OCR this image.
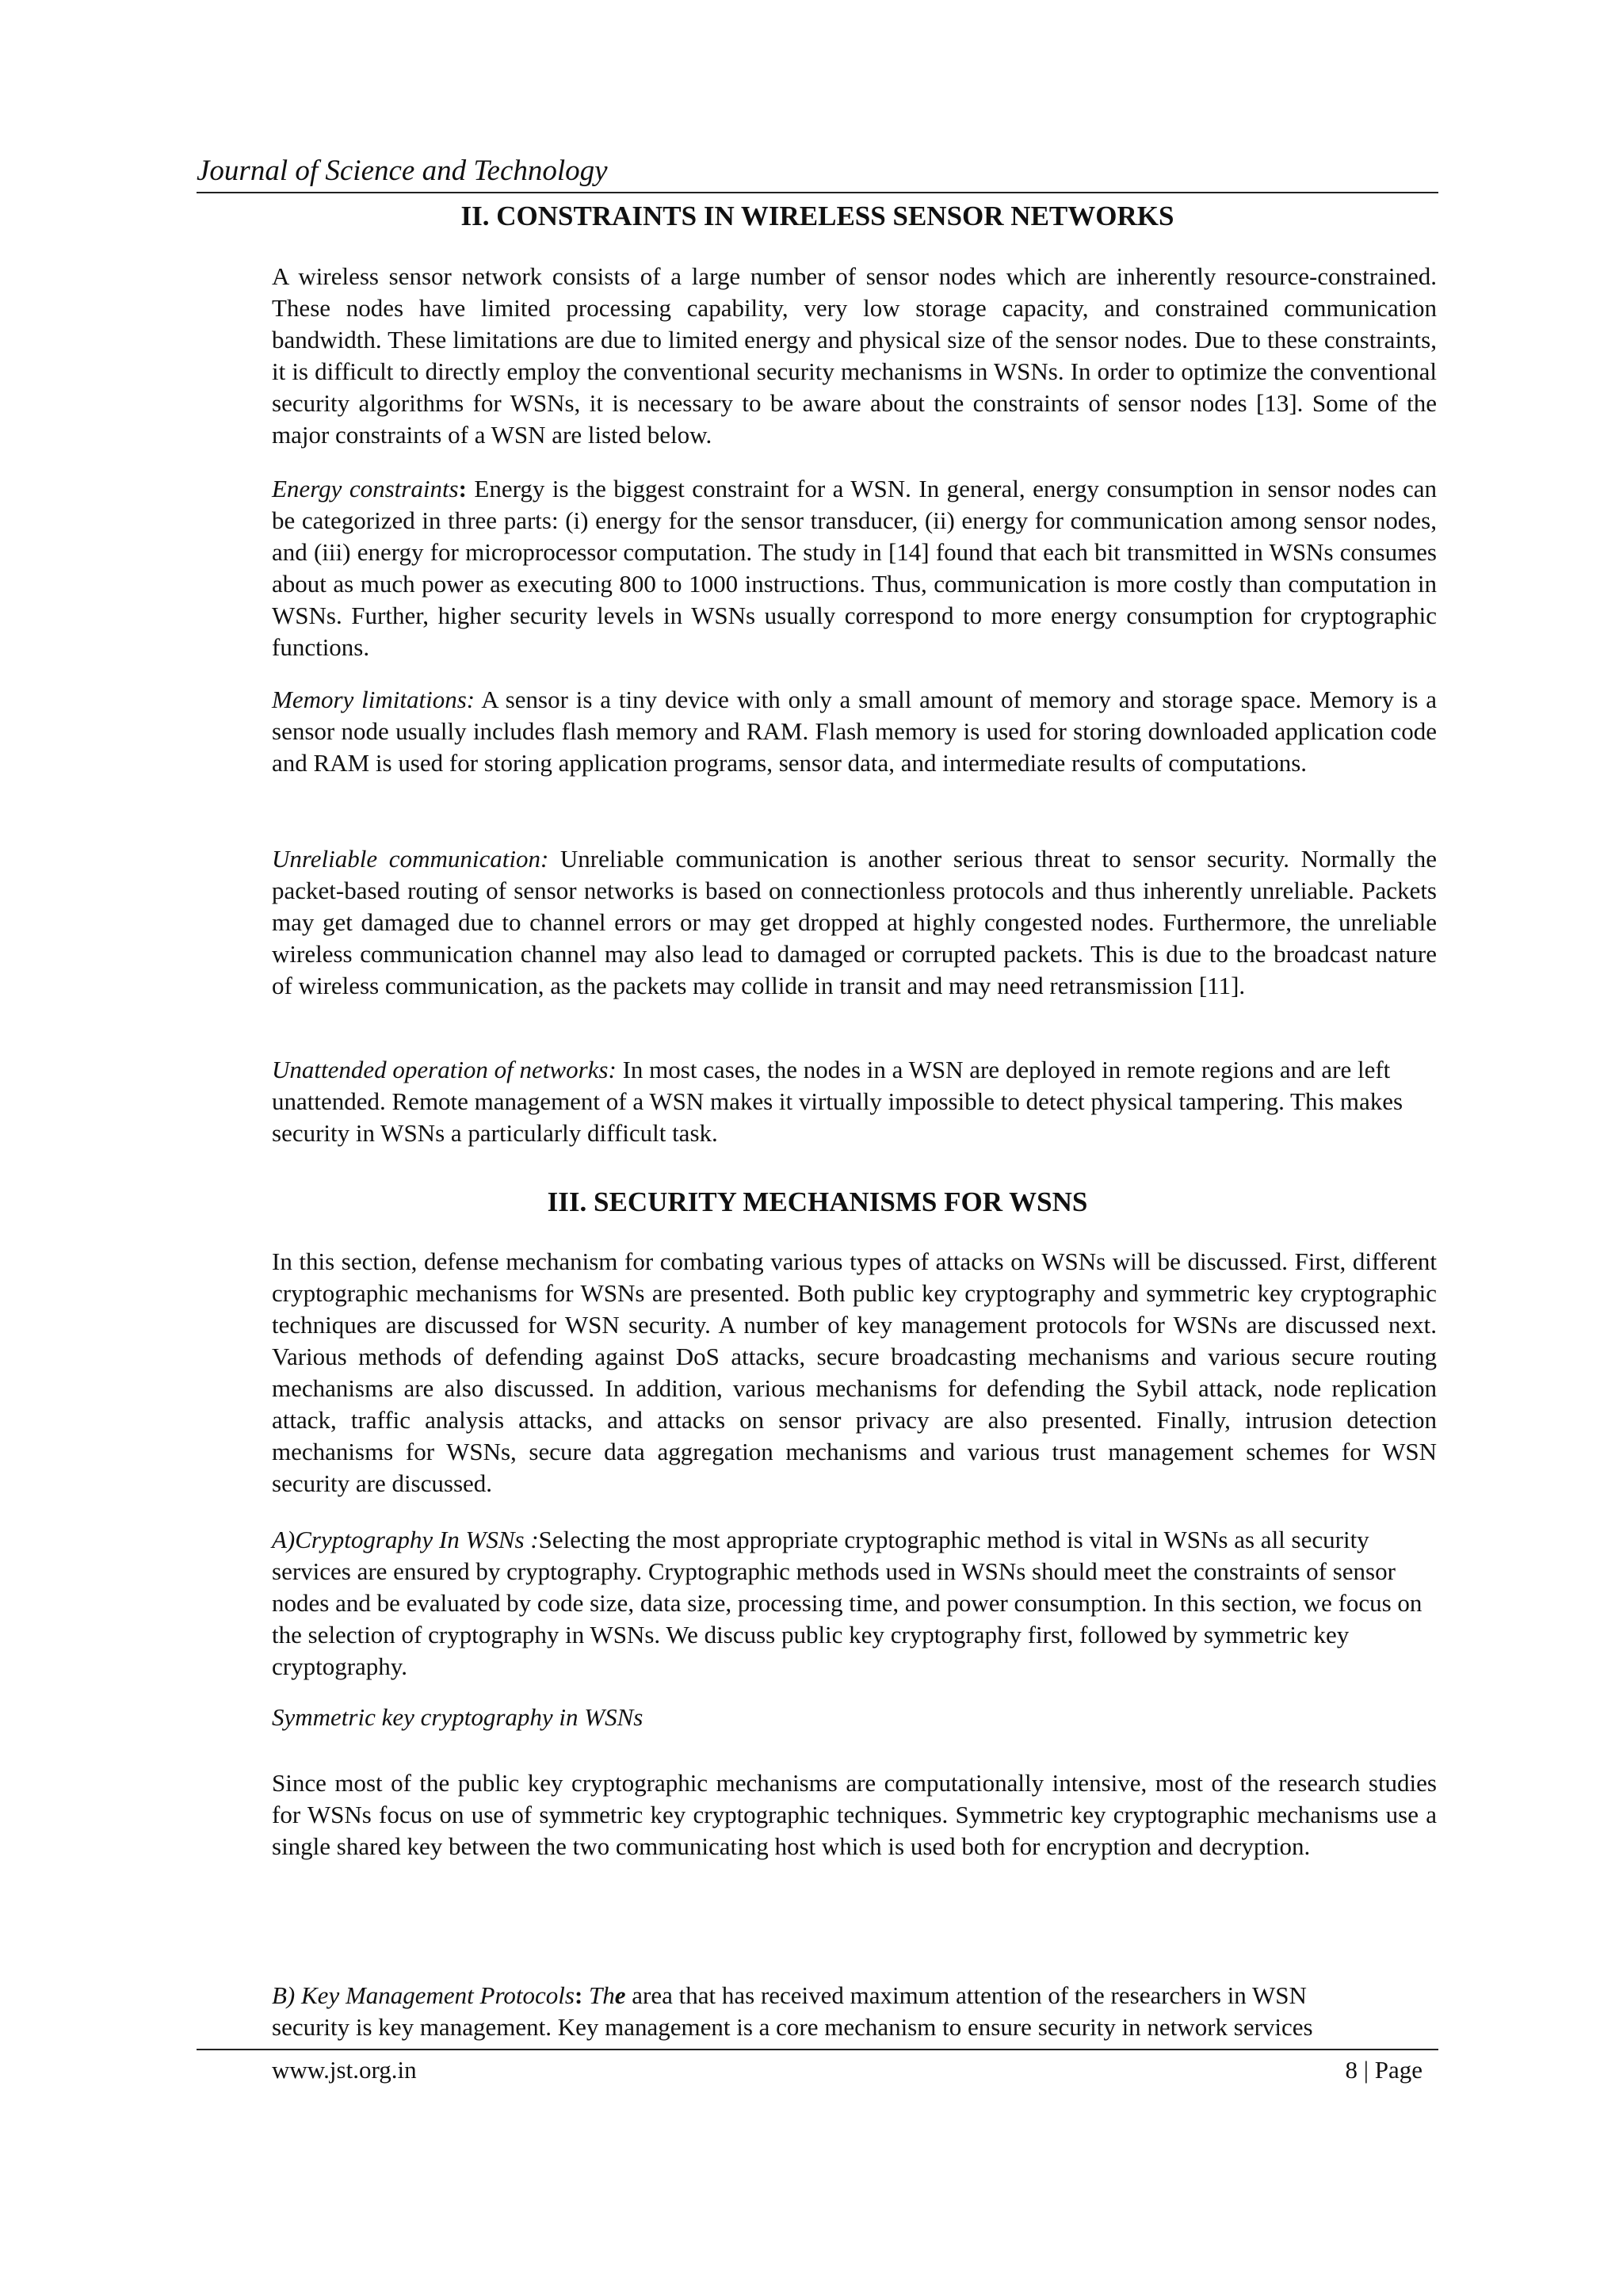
Journal of Science and Technology
II. CONSTRAINTS IN WIRELESS SENSOR NETWORKS

A wireless sensor network consists of a large number of sensor nodes which are inherently resource-constrained. These nodes have limited processing capability, very low storage capacity, and constrained communication bandwidth. These limitations are due to limited energy and physical size of the sensor nodes. Due to these constraints, it is difficult to directly employ the conventional security mechanisms in WSNs. In order to optimize the conventional security algorithms for WSNs, it is necessary to be aware about the constraints of sensor nodes [13]. Some of the major constraints of a WSN are listed below.

Energy constraints: Energy is the biggest constraint for a WSN. In general, energy consumption in sensor nodes can be categorized in three parts: (i) energy for the sensor transducer, (ii) energy for communication among sensor nodes, and (iii) energy for microprocessor computation. The study in [14] found that each bit transmitted in WSNs consumes about as much power as executing 800 to 1000 instructions. Thus, communication is more costly than computation in WSNs. Further, higher security levels in WSNs usually correspond to more energy consumption for cryptographic functions.

Memory limitations: A sensor is a tiny device with only a small amount of memory and storage space. Memory is a sensor node usually includes flash memory and RAM. Flash memory is used for storing downloaded application code and RAM is used for storing application programs, sensor data, and intermediate results of computations.

Unreliable communication: Unreliable communication is another serious threat to sensor security. Normally the packet-based routing of sensor networks is based on connectionless protocols and thus inherently unreliable. Packets may get damaged due to channel errors or may get dropped at highly congested nodes. Furthermore, the unreliable wireless communication channel may also lead to damaged or corrupted packets. This is due to the broadcast nature of wireless communication, as the packets may collide in transit and may need retransmission [11].

Unattended operation of networks: In most cases, the nodes in a WSN are deployed in remote regions and are left unattended. Remote management of a WSN makes it virtually impossible to detect physical tampering. This makes security in WSNs a particularly difficult task.

III. SECURITY MECHANISMS FOR WSNS

In this section, defense mechanism for combating various types of attacks on WSNs will be discussed. First, different cryptographic mechanisms for WSNs are presented. Both public key cryptography and symmetric key cryptographic techniques are discussed for WSN security. A number of key management protocols for WSNs are discussed next. Various methods of defending against DoS attacks, secure broadcasting mechanisms and various secure routing mechanisms are also discussed. In addition, various mechanisms for defending the Sybil attack, node replication attack, traffic analysis attacks, and attacks on sensor privacy are also presented. Finally, intrusion detection mechanisms for WSNs, secure data aggregation mechanisms and various trust management schemes for WSN security are discussed.

A)Cryptography In WSNs :Selecting the most appropriate cryptographic method is vital in WSNs as all security services are ensured by cryptography. Cryptographic methods used in WSNs should meet the constraints of sensor nodes and be evaluated by code size, data size, processing time, and power consumption. In this section, we focus on the selection of cryptography in WSNs. We discuss public key cryptography first, followed by symmetric key cryptography.

Symmetric key cryptography in WSNs

Since most of the public key cryptographic mechanisms are computationally intensive, most of the research studies for WSNs focus on use of symmetric key cryptographic techniques. Symmetric key cryptographic mechanisms use a single shared key between the two communicating host which is used both for encryption and decryption.

B) Key Management Protocols: The area that has received maximum attention of the researchers in WSN
security is key management. Key management is a core mechanism to ensure security in network services

www.jst.org.in	8 | Page
